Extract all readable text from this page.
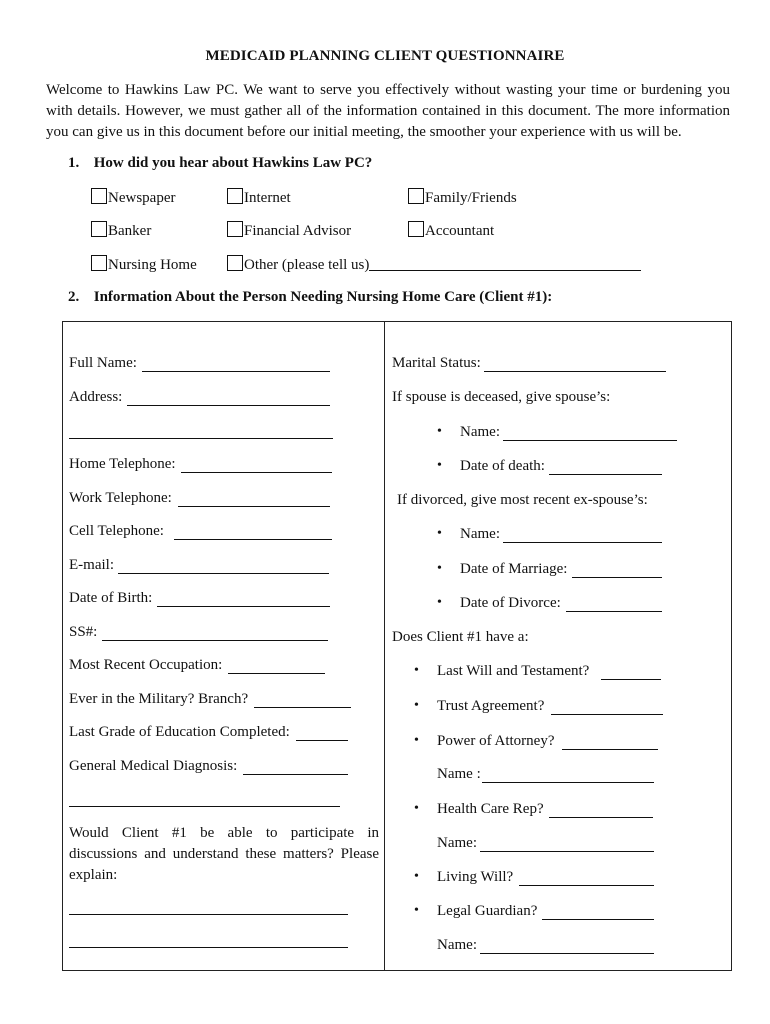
MEDICAID PLANNING CLIENT QUESTIONNAIRE
Welcome to Hawkins Law PC. We want to serve you effectively without wasting your time or burdening you with details. However, we must gather all of the information contained in this document. The more information you can give us in this document before our initial meeting, the smoother your experience with us will be.
1. How did you hear about Hawkins Law PC?
Newspaper	Internet	Family/Friends
Banker	Financial Advisor	Accountant
Nursing Home	Other (please tell us)
2. Information About the Person Needing Nursing Home Care (Client #1):
Full Name:
Address:
Home Telephone:
Work Telephone:
Cell Telephone:
E-mail:
Date of Birth:
SS#:
Most Recent Occupation:
Ever in the Military? Branch?
Last Grade of Education Completed:
General Medical Diagnosis:
Would Client #1 be able to participate in discussions and understand these matters? Please explain:
Marital Status:
If spouse is deceased, give spouse’s:
• Name:
• Date of death:
If divorced, give most recent ex-spouse’s:
• Name:
• Date of Marriage:
• Date of Divorce:
Does Client #1 have a:
• Last Will and Testament?
• Trust Agreement?
• Power of Attorney?
Name :
• Health Care Rep?
Name:
• Living Will?
• Legal Guardian?
Name:
